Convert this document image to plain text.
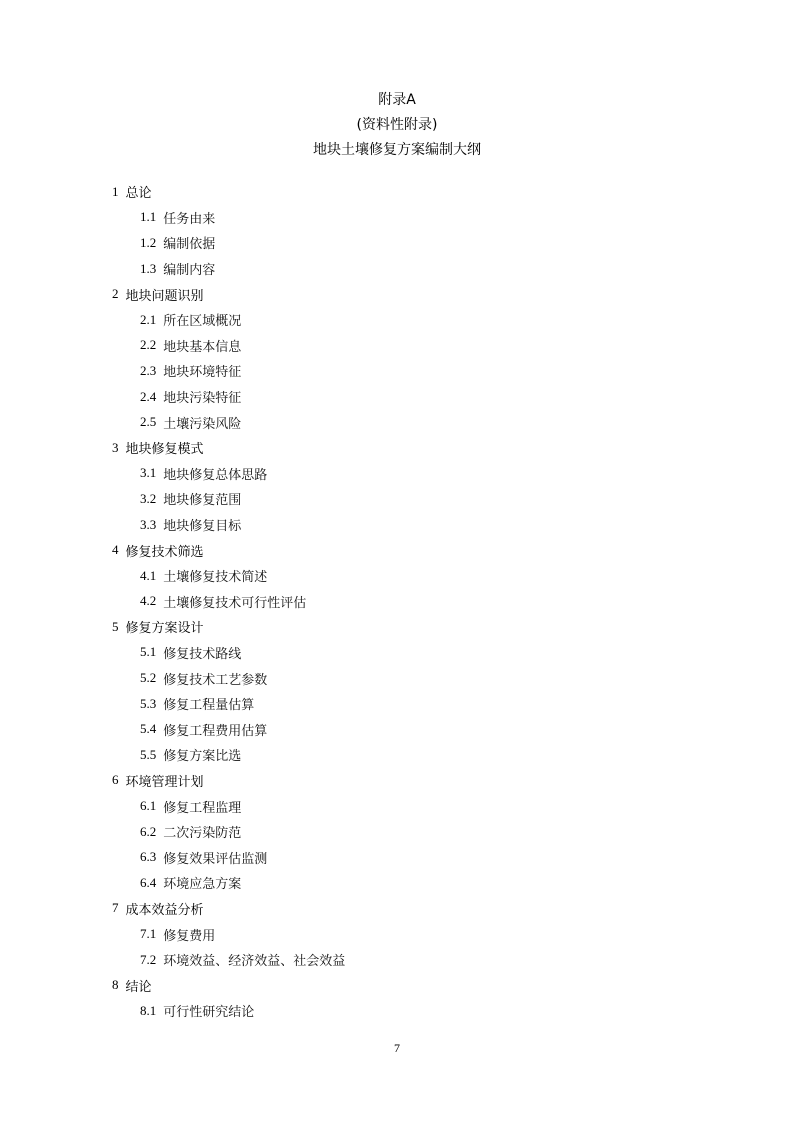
附录A
(资料性附录)
地块土壤修复方案编制大纲
1 总论
1.1 任务由来
1.2 编制依据
1.3 编制内容
2 地块问题识别
2.1 所在区域概况
2.2 地块基本信息
2.3 地块环境特征
2.4 地块污染特征
2.5 土壤污染风险
3 地块修复模式
3.1 地块修复总体思路
3.2 地块修复范围
3.3 地块修复目标
4 修复技术筛选
4.1 土壤修复技术简述
4.2 土壤修复技术可行性评估
5 修复方案设计
5.1 修复技术路线
5.2 修复技术工艺参数
5.3 修复工程量估算
5.4 修复工程费用估算
5.5 修复方案比选
6 环境管理计划
6.1 修复工程监理
6.2 二次污染防范
6.3 修复效果评估监测
6.4 环境应急方案
7 成本效益分析
7.1 修复费用
7.2 环境效益、经济效益、社会效益
8 结论
8.1 可行性研究结论
7
